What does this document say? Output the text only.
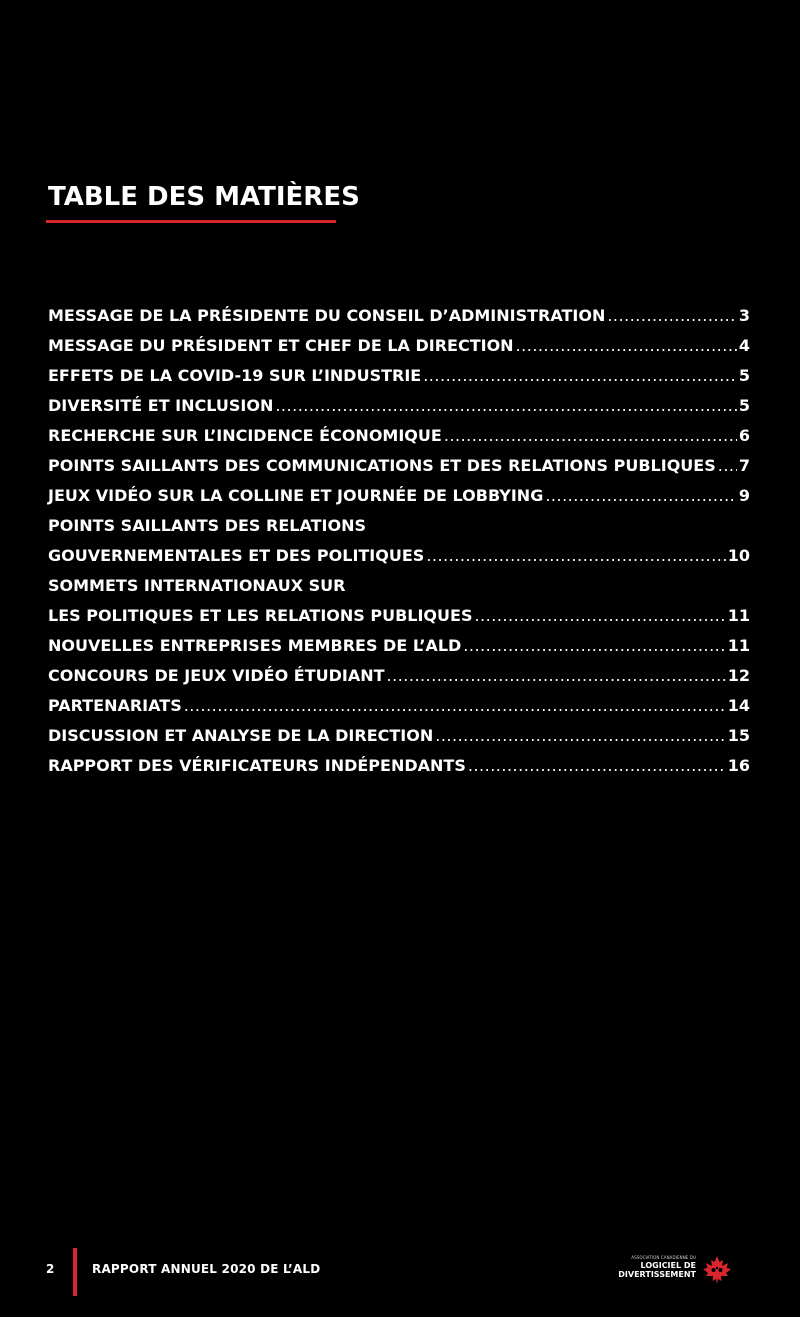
TABLE DES MATIÈRES
MESSAGE DE LA PRÉSIDENTE DU CONSEIL D’ADMINISTRATION .....	3
MESSAGE DU PRÉSIDENT ET CHEF DE LA DIRECTION .....	4
EFFETS DE LA COVID-19 SUR L’INDUSTRIE .....	5
DIVERSITÉ ET INCLUSION .....	5
RECHERCHE SUR L’INCIDENCE ÉCONOMIQUE .....	6
POINTS SAILLANTS DES COMMUNICATIONS ET DES RELATIONS PUBLIQUES ..... 7
JEUX VIDÉO SUR LA COLLINE ET JOURNÉE DE LOBBYING .....	9
POINTS SAILLANTS DES RELATIONS
GOUVERNEMENTALES ET DES POLITIQUES .....	10
SOMMETS INTERNATIONAUX SUR
LES POLITIQUES ET LES RELATIONS PUBLIQUES .....	11
NOUVELLES ENTREPRISES MEMBRES DE L’ALD .....	11
CONCOURS DE JEUX VIDÉO ÉTUDIANT .....	12
PARTENARIATS .....	14
DISCUSSION ET ANALYSE DE LA DIRECTION .....	15
RAPPORT DES VÉRIFICATEURS INDÉPENDANTS .....	16
2	RAPPORT ANNUEL 2020 DE L’ALD
ASSOCIATION CANADIENNE DU
LOGICIEL DE
DIVERTISSEMENT
